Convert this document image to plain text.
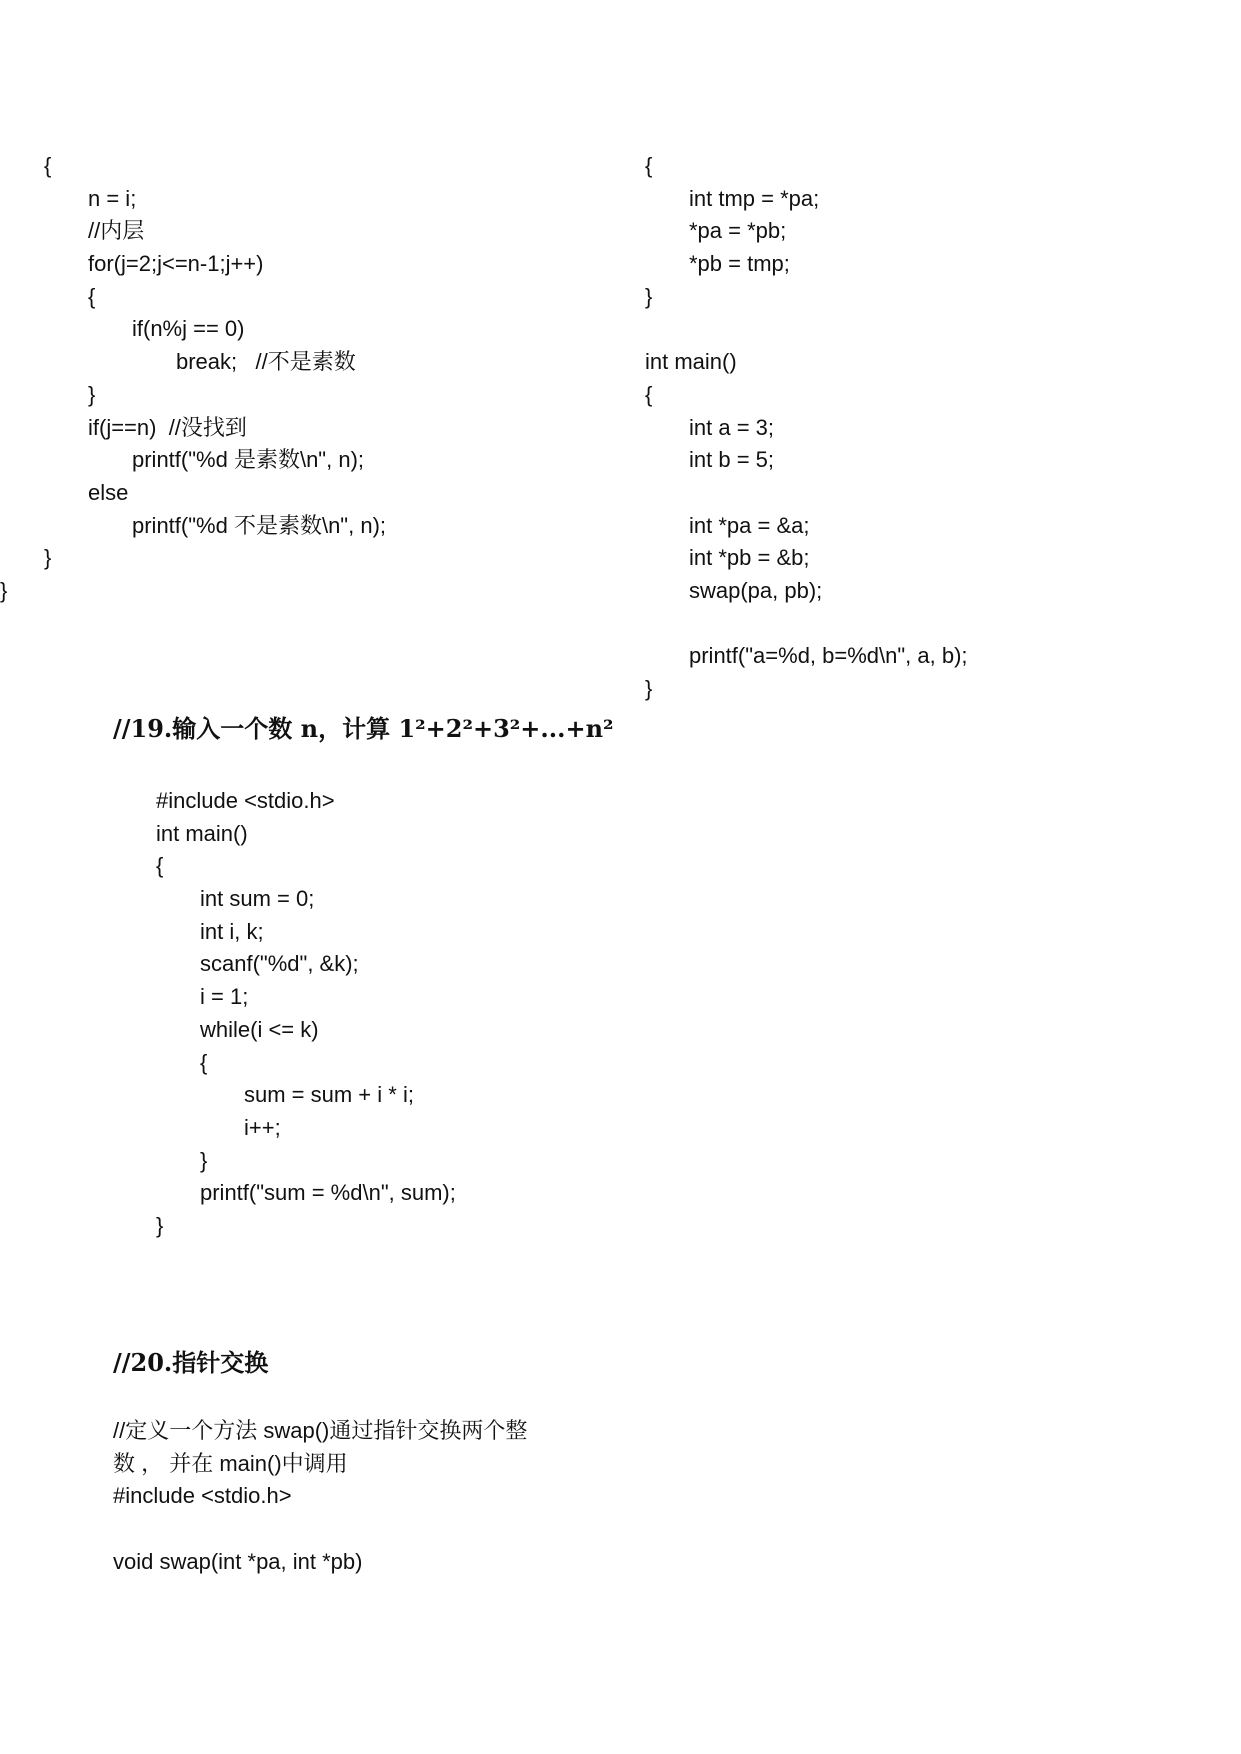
{
n = i;
//内层
for(j=2;j<=n-1;j++)
{
if(n%j == 0)
break;   //不是素数
}
if(j==n)  //没找到
printf("%d 是素数\n", n);
else
printf("%d 不是素数\n", n);
}
}
{
int tmp = *pa;
*pa = *pb;
*pb = tmp;
}
int main()
{
int a = 3;
int b = 5;
int *pa = &a;
int *pb = &b;
swap(pa, pb);
printf("a=%d, b=%d\n", a, b);
}
//19.输入一个数 n，计算 1²+2²+3²+...+n²
#include <stdio.h>
int main()
{
int sum = 0;
int i, k;
scanf("%d", &k);
i = 1;
while(i <= k)
{
sum = sum + i * i;
i++;
}
printf("sum = %d\n", sum);
}
//20.指针交换
//定义一个方法 swap()通过指针交换两个整
数 ， 并在 main()中调用
#include <stdio.h>
void swap(int *pa, int *pb)
